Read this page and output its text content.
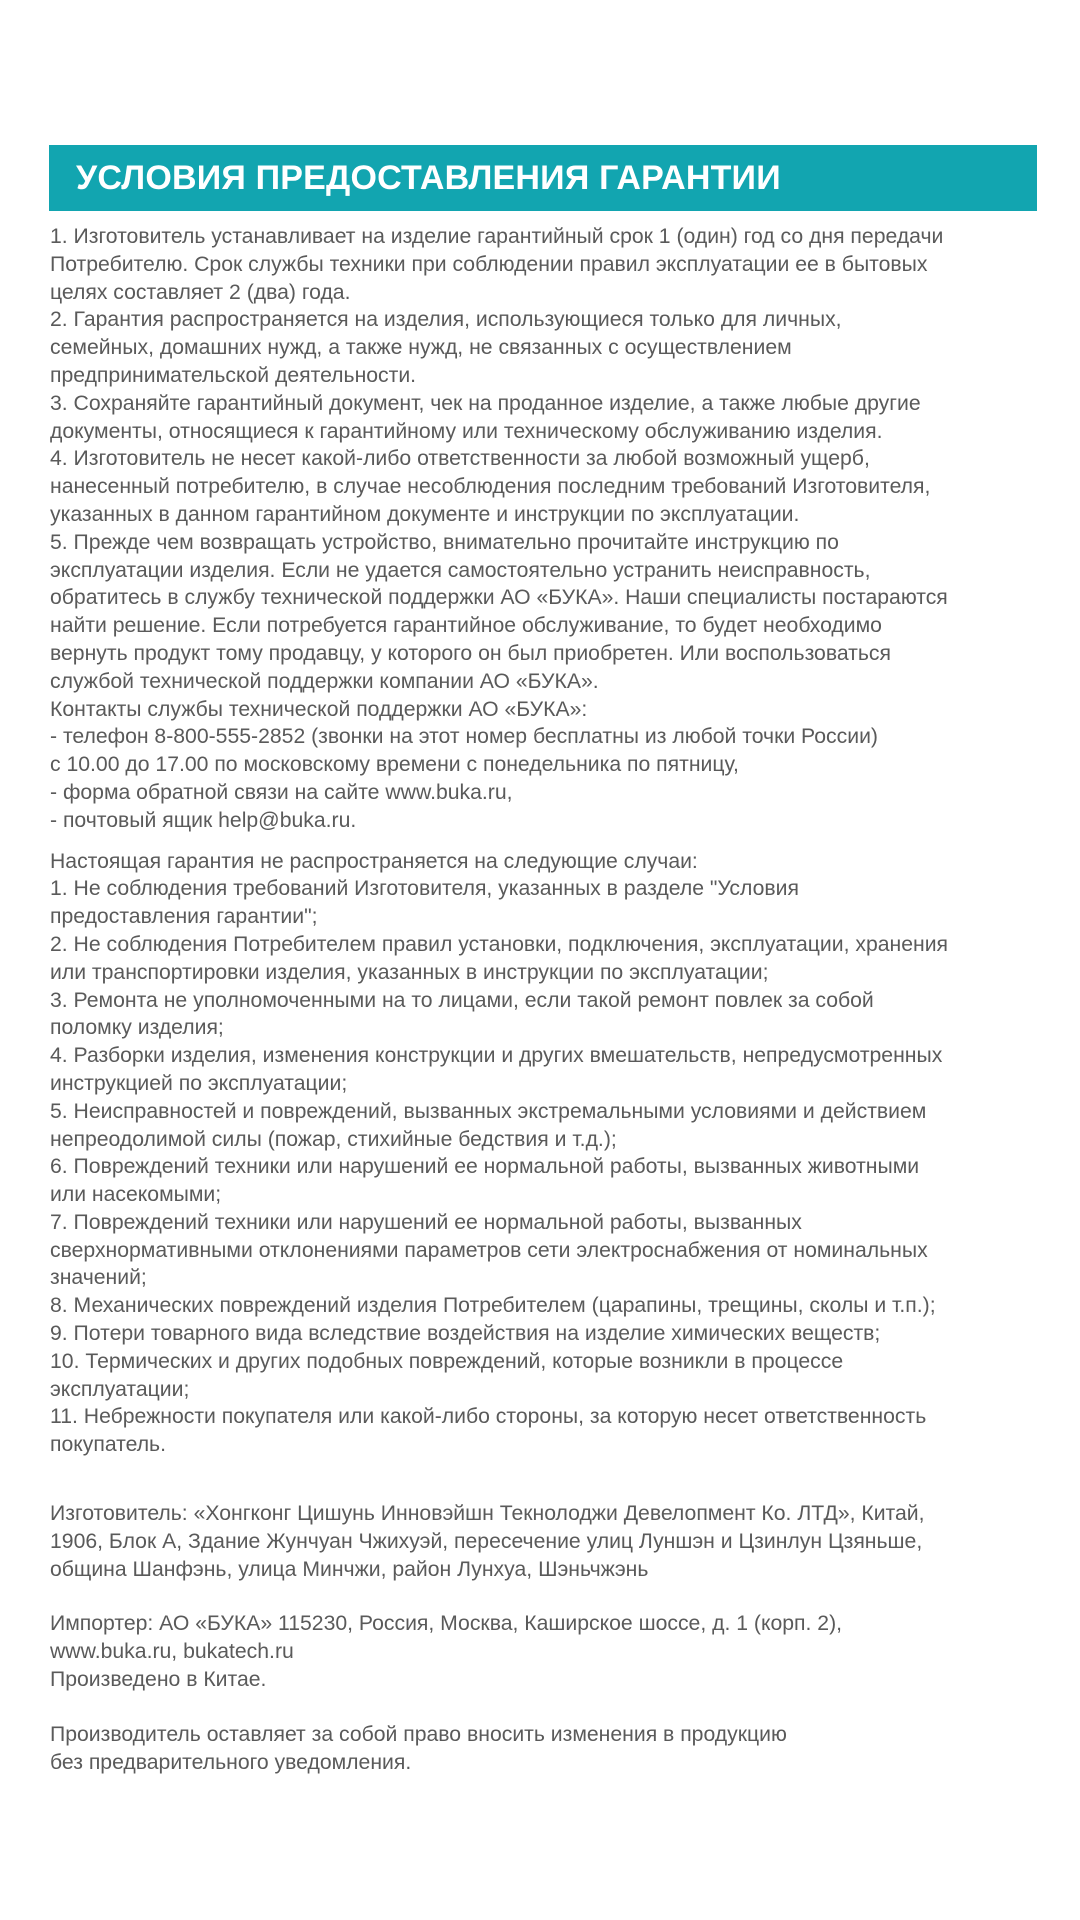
УСЛОВИЯ ПРЕДОСТАВЛЕНИЯ ГАРАНТИИ

1. Изготовитель устанавливает на изделие гарантийный срок 1 (один) год со дня передачи

Потребителю. Срок службы техники при соблюдении правил эксплуатации ее в бытовых

целях составляет 2 (два) года.

2. Гарантия распространяется на изделия, использующиеся только для личных,

семейных, домашних нужд, а также нужд, не связанных с осуществлением

предпринимательской деятельности.

3. Сохраняйте гарантийный документ, чек на проданное изделие, а также любые другие

документы, относящиеся к гарантийному или техническому обслуживанию изделия.

4. Изготовитель не несет какой-либо ответственности за любой возможный ущерб,

нанесенный потребителю, в случае несоблюдения последним требований Изготовителя,

указанных в данном гарантийном документе и инструкции по эксплуатации.

5. Прежде чем возвращать устройство, внимательно прочитайте инструкцию по

эксплуатации изделия. Если не удается самостоятельно устранить неисправность,

обратитесь в службу технической поддержки АО «БУКА». Наши специалисты постараются

найти решение. Если потребуется гарантийное обслуживание, то будет необходимо

вернуть продукт тому продавцу, у которого он был приобретен. Или воспользоваться

службой технической поддержки компании АО «БУКА».

Контакты службы технической поддержки АО «БУКА»:

- телефон 8-800-555-2852 (звонки на этот номер бесплатны из любой точки России)

с 10.00 до 17.00 по московскому времени с понедельника по пятницу,

- форма обратной связи на сайте www.buka.ru,

- почтовый ящик help@buka.ru.

Настоящая гарантия не распространяется на следующие случаи:

1. Не соблюдения требований Изготовителя, указанных в разделе "Условия

предоставления гарантии";

2. Не соблюдения Потребителем правил установки, подключения, эксплуатации, хранения

или транспортировки изделия, указанных в инструкции по эксплуатации;

3. Ремонта не уполномоченными на то лицами, если такой ремонт повлек за собой

поломку изделия;

4. Разборки изделия, изменения конструкции и других вмешательств, непредусмотренных

инструкцией по эксплуатации;

5. Неисправностей и повреждений, вызванных экстремальными условиями и действием

непреодолимой силы (пожар, стихийные бедствия и т.д.);

6. Повреждений техники или нарушений ее нормальной работы, вызванных животными

или насекомыми;

7. Повреждений техники или нарушений ее нормальной работы, вызванных

сверхнормативными отклонениями параметров сети электроснабжения от номинальных

значений;

8. Механических повреждений изделия Потребителем (царапины, трещины, сколы и т.п.);

9. Потери товарного вида вследствие воздействия на изделие химических веществ;

10. Термических и других подобных повреждений, которые возникли в процессе

эксплуатации;

11. Небрежности покупателя или какой-либо стороны, за которую несет ответственность

покупатель.

Изготовитель: «Хонгконг Цишунь Инновэйшн Текнолоджи Девелопмент Ко. ЛТД», Китай,

1906, Блок А, Здание Жунчуан Чжихуэй, пересечение улиц Луншэн и Цзинлун Цзяньше,

община Шанфэнь, улица Минчжи, район Лунхуа, Шэньчжэнь

Импортер: АО «БУКА» 115230, Россия, Москва, Каширское шоссе, д. 1 (корп. 2),

www.buka.ru, bukatech.ru

Произведено в Китае.

Производитель оставляет за собой право вносить изменения в продукцию

без предварительного уведомления.
